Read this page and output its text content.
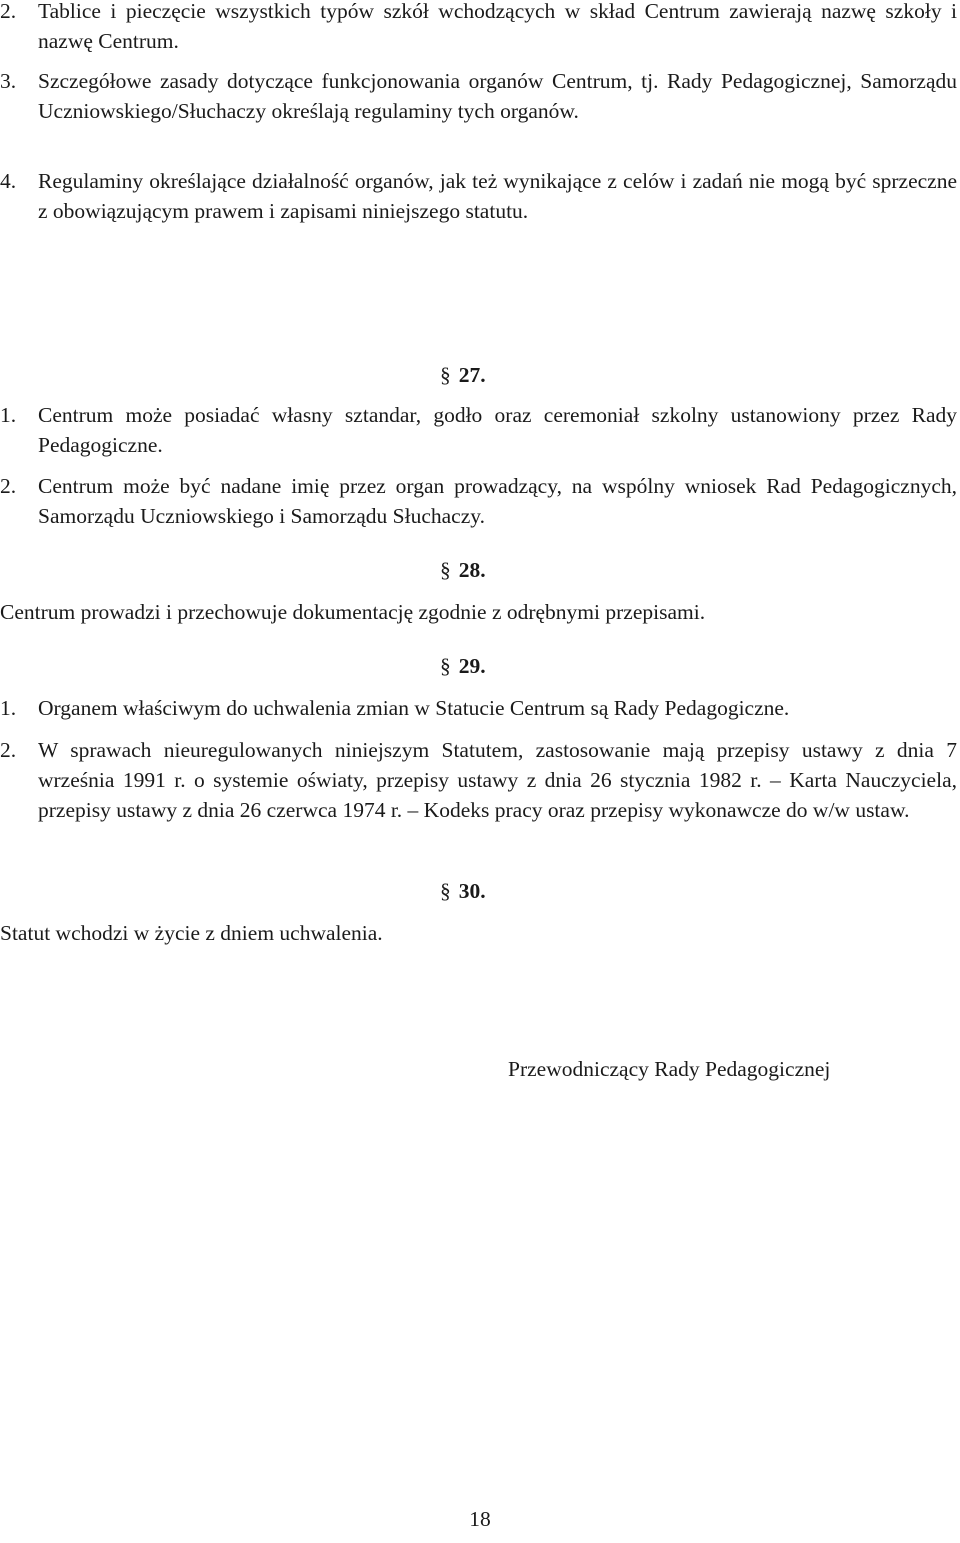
2. Tablice i pieczęcie wszystkich typów szkół wchodzących w skład Centrum zawierają nazwę szkoły i nazwę Centrum.
3. Szczegółowe zasady dotyczące funkcjonowania organów Centrum, tj. Rady Pedagogicznej, Samorządu Uczniowskiego/Słuchaczy określają regulaminy tych organów.
4. Regulaminy określające działalność organów, jak też wynikające z celów i zadań nie mogą być sprzeczne z obowiązującym prawem i zapisami niniejszego statutu.
§ 27.
1. Centrum może posiadać własny sztandar, godło oraz ceremoniał szkolny ustanowiony przez Rady Pedagogiczne.
2. Centrum może być nadane imię przez organ prowadzący, na wspólny wniosek Rad Pedagogicznych, Samorządu Uczniowskiego i Samorządu Słuchaczy.
§ 28.
Centrum prowadzi i przechowuje dokumentację zgodnie z odrębnymi przepisami.
§ 29.
1. Organem właściwym do uchwalenia zmian w Statucie Centrum są Rady Pedagogiczne.
2. W sprawach nieuregulowanych niniejszym Statutem, zastosowanie mają przepisy ustawy z dnia 7 września 1991 r. o systemie oświaty, przepisy ustawy z dnia 26 stycznia 1982 r. – Karta Nauczyciela, przepisy ustawy z dnia 26 czerwca 1974 r. – Kodeks pracy oraz przepisy wykonawcze do w/w ustaw.
§ 30.
Statut wchodzi w życie z dniem uchwalenia.
Przewodniczący Rady Pedagogicznej
18
